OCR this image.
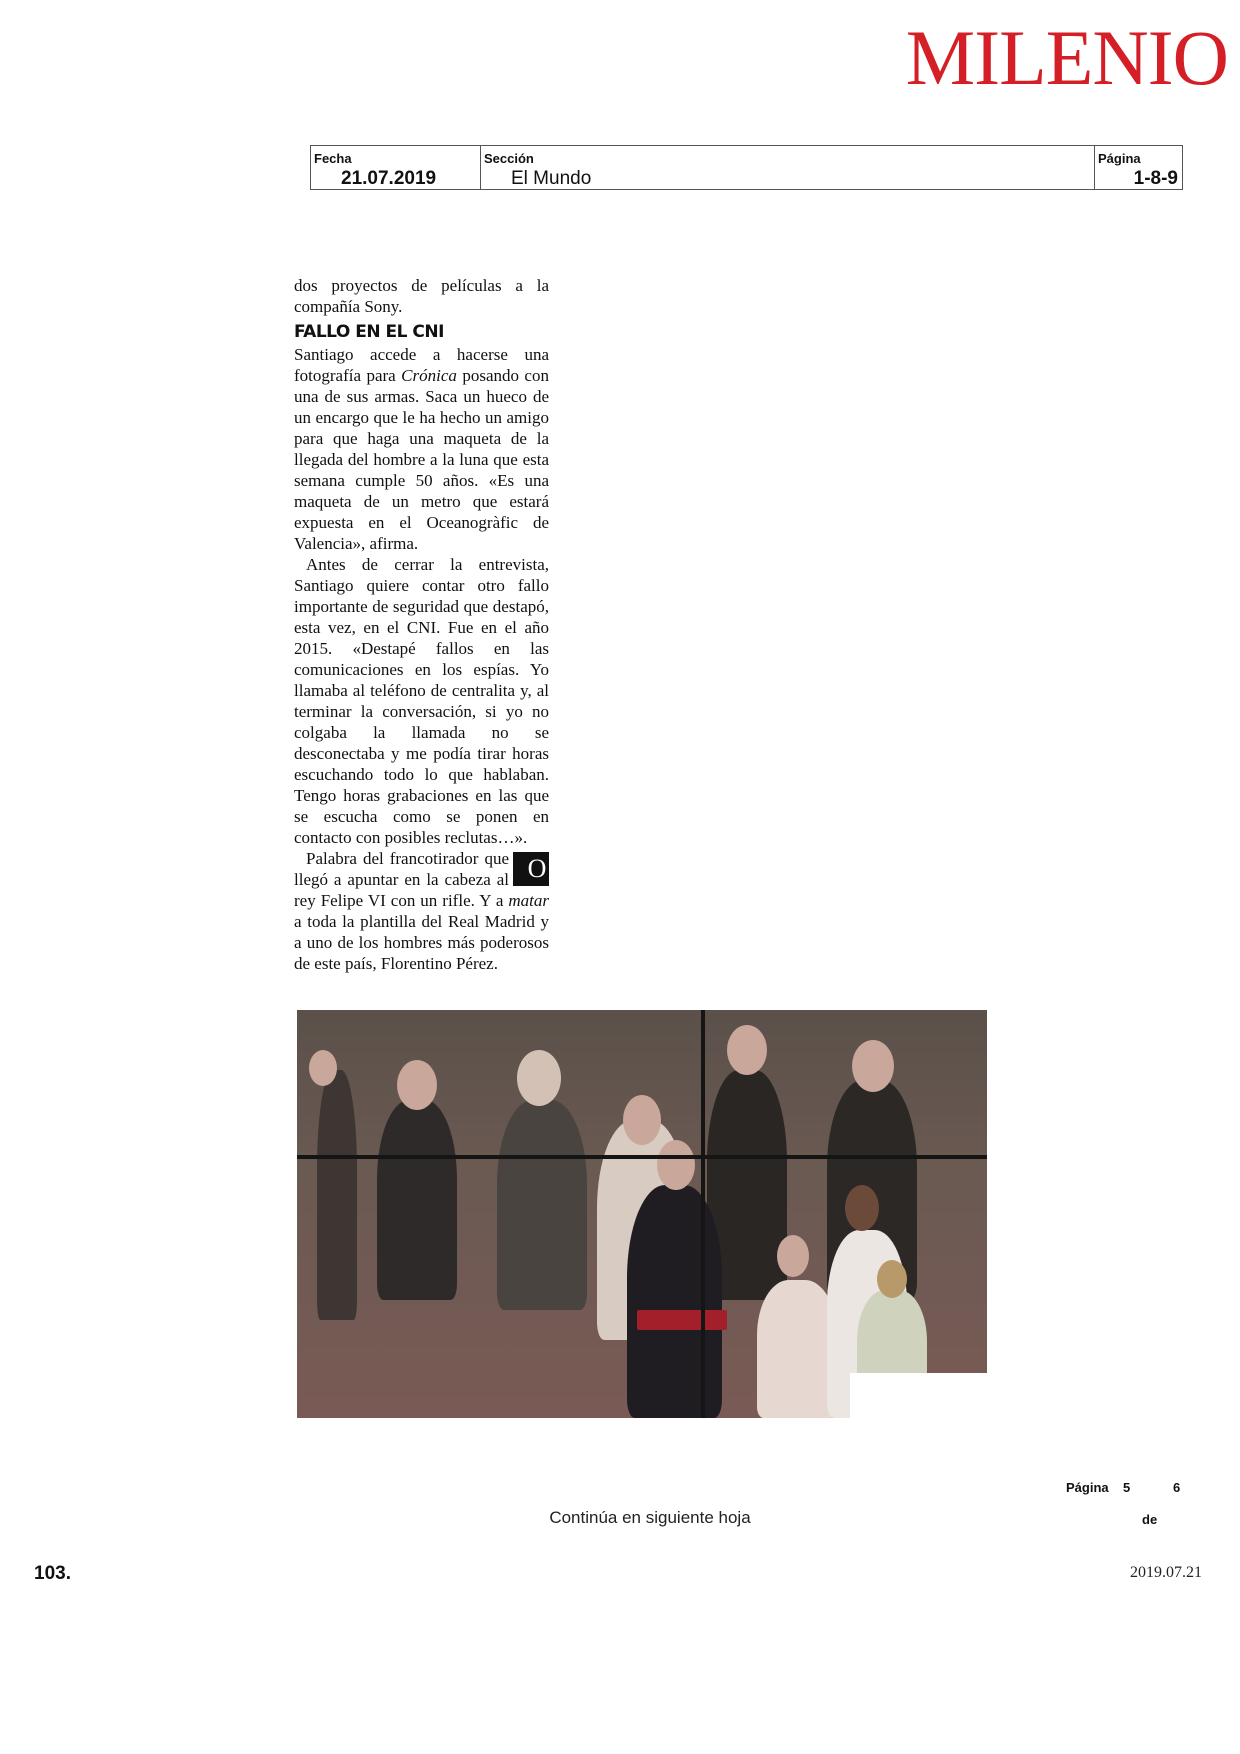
MILENIO
Fecha
21.07.2019
Sección
El Mundo
Página
1-8-9

dos proyectos de películas a la compañía Sony.

FALLO EN EL CNI

Santiago accede a hacerse una fotografía para Crónica posando con una de sus armas. Saca un hueco de un encargo que le ha hecho un amigo para que haga una maqueta de la llegada del hombre a la luna que esta semana cumple 50 años. «Es una maqueta de un metro que estará expuesta en el Oceanogràfic de Valencia», afirma.

Antes de cerrar la entrevista, Santiago quiere contar otro fallo importante de seguridad que destapó, esta vez, en el CNI. Fue en el año 2015. «Destapé fallos en las comunicaciones en los espías. Yo llamaba al teléfono de centralita y, al terminar la conversación, si yo no colgaba la llamada no se desconectaba y me podía tirar horas escuchando todo lo que hablaban. Tengo horas grabaciones en las que se escucha como se ponen en contacto con posibles reclutas…».

O
Palabra del francotirador que llegó a apuntar en la cabeza al rey Felipe VI con un rifle. Y a matar a toda la plantilla del Real Madrid y a uno de los hombres más poderosos de este país, Florentino Pérez.

Página 5	6
de
Continúa en siguiente hoja
103.	2019.07.21
